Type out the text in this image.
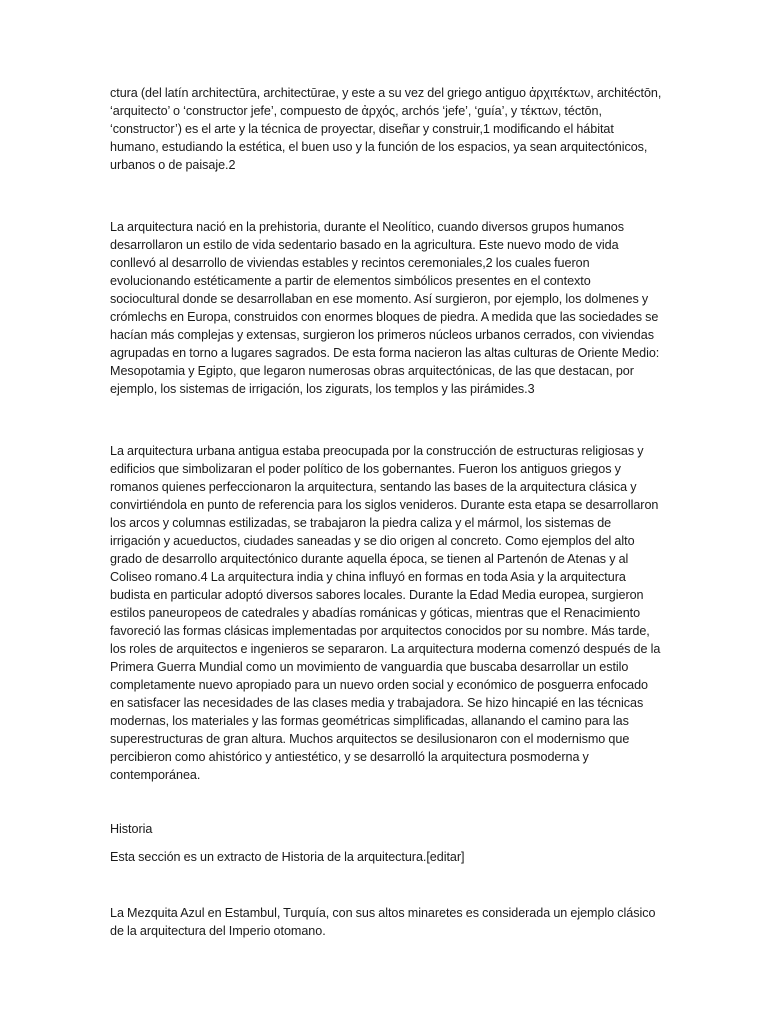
ctura (del latín architectūra, architectūrae, y este a su vez del griego antiguo ἀρχιτέκτων, architéctōn, ‘arquitecto’ o ‘constructor jefe’, compuesto de ἀρχός, archós ‘jefe’, ‘guía’, y τέκτων, téctōn, ‘constructor’) es el arte y la técnica de proyectar, diseñar y construir,1 modificando el hábitat humano, estudiando la estética, el buen uso y la función de los espacios, ya sean arquitectónicos, urbanos o de paisaje.2

La arquitectura nació en la prehistoria, durante el Neolítico, cuando diversos grupos humanos desarrollaron un estilo de vida sedentario basado en la agricultura. Este nuevo modo de vida conllevó al desarrollo de viviendas estables y recintos ceremoniales,2 los cuales fueron evolucionando estéticamente a partir de elementos simbólicos presentes en el contexto sociocultural donde se desarrollaban en ese momento. Así surgieron, por ejemplo, los dolmenes y crómlechs en Europa, construidos con enormes bloques de piedra. A medida que las sociedades se hacían más complejas y extensas, surgieron los primeros núcleos urbanos cerrados, con viviendas agrupadas en torno a lugares sagrados. De esta forma nacieron las altas culturas de Oriente Medio: Mesopotamia y Egipto, que legaron numerosas obras arquitectónicas, de las que destacan, por ejemplo, los sistemas de irrigación, los zigurats, los templos y las pirámides.3

La arquitectura urbana antigua estaba preocupada por la construcción de estructuras religiosas y edificios que simbolizaran el poder político de los gobernantes. Fueron los antiguos griegos y romanos quienes perfeccionaron la arquitectura, sentando las bases de la arquitectura clásica y convirtiéndola en punto de referencia para los siglos venideros. Durante esta etapa se desarrollaron los arcos y columnas estilizadas, se trabajaron la piedra caliza y el mármol, los sistemas de irrigación y acueductos, ciudades saneadas y se dio origen al concreto. Como ejemplos del alto grado de desarrollo arquitectónico durante aquella época, se tienen al Partenón de Atenas y al Coliseo romano.4 La arquitectura india y china influyó en formas en toda Asia y la arquitectura budista en particular adoptó diversos sabores locales. Durante la Edad Media europea, surgieron estilos paneuropeos de catedrales y abadías románicas y góticas, mientras que el Renacimiento favoreció las formas clásicas implementadas por arquitectos conocidos por su nombre. Más tarde, los roles de arquitectos e ingenieros se separaron. La arquitectura moderna comenzó después de la Primera Guerra Mundial como un movimiento de vanguardia que buscaba desarrollar un estilo completamente nuevo apropiado para un nuevo orden social y económico de posguerra enfocado en satisfacer las necesidades de las clases media y trabajadora. Se hizo hincapié en las técnicas modernas, los materiales y las formas geométricas simplificadas, allanando el camino para las superestructuras de gran altura. Muchos arquitectos se desilusionaron con el modernismo que percibieron como ahistórico y antiestético, y se desarrolló la arquitectura posmoderna y contemporánea.

Historia

Esta sección es un extracto de Historia de la arquitectura.[editar]

La Mezquita Azul en Estambul, Turquía, con sus altos minaretes es considerada un ejemplo clásico de la arquitectura del Imperio otomano.
